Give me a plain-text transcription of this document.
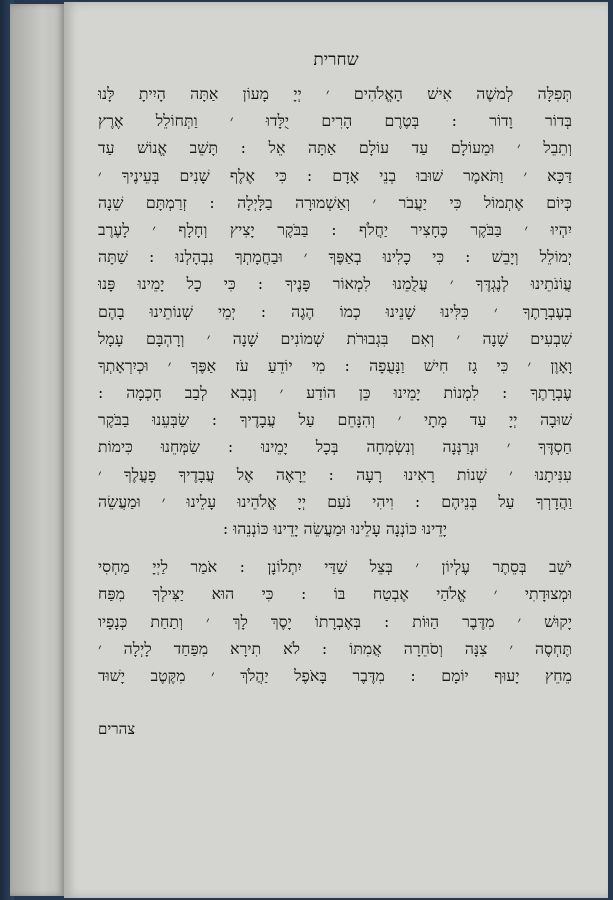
שחרית
תְּפִלָּה לְמשֶׁה אִישׁ הָאֱלֹהִים ׳ יְיָ מָעוֹן אַתָּה הָיִיתָ לָּנוּ
בְּדוֹר וָדוֹר : בְּטֶרֶם הָרִים יֻלָּדוּ ׳ וַתְּחוֹלֵל אֶרֶץ
וְתֵבֵל ׳ וּמֵעוֹלָם עַד עוֹלָם אַתָּה אֵל : תָּשֵׁב אֱנוֹשׁ עַד
דַּכָּא ׳ וַתֹּאמֶר שׁוּבוּ בְנֵי אָדָם : כִּי אֶלֶף שָׁנִים בְּעֵינֶיךָ ׳
כְּיוֹם אֶתְמוֹל כִּי יַעֲבֹר ׳ וְאַשְׁמוּרָה בַלָּיְלָה : זְרַמְתָּם שֵׁנָה
יִהְיוּ ׳ בַּבֹּקֶר כֶּחָצִיר יַחֲלֹף : בַּבֹּקֶר יָצִיץ וְחָלָף ׳ לָעֶרֶב
יְמוֹלֵל וְיָבֵשׁ : כִּי כָלִינוּ בְאַפֶּךָ ׳ וּבַחֲמָתְךָ נִבְהָלְנוּ : שַׁתָּה
עֲוֹנֹתֵינוּ לְנֶגְדֶּךָ ׳ עֲלֻמֵנוּ לִמְאוֹר פָּנֶיךָ : כִּי כָל יָמֵינוּ פָּנוּ
בְעֶבְרָתֶךָ ׳ כִּלִּינוּ שָׁנֵינוּ כְמוֹ הֶגֶה : יְמֵי שְׁנוֹתֵינוּ בָהֶם
שִׁבְעִים שָׁנָה ׳ וְאִם בִּגְבוּרֹת שְׁמוֹנִים שָׁנָה ׳ וְרָהְבָּם עָמָל
וָאָוֶן ׳ כִּי גָז חִישׁ וַנָּעֻפָה : מִי יוֹדֵעַ עֹז אַפֶּךָ ׳ וּכְיִרְאָתְךָ
עֶבְרָתֶךָ : לִמְנוֹת יָמֵינוּ כֵּן הוֹדַע ׳ וְנָבִא לְבַב חָכְמָה :
שׁוּבָה יְיָ עַד מָתָי ׳ וְהִנָּחֵם עַל עֲבָדֶיךָ : שַׂבְּעֵנוּ בַבֹּקֶר
חַסְדֶּךָ ׳ וּנְרַנְּנָה וְנִשְׂמְחָה בְּכָל יָמֵינוּ : שַׂמְּחֵנוּ כִּימוֹת
עִנִּיתָנוּ ׳ שְׁנוֹת רָאִינוּ רָעָה : יֵרָאֶה אֶל עֲבָדֶיךָ פָעֳלֶךָ ׳
וַהֲדָרְךָ עַל בְּנֵיהֶם : וִיהִי נֹעַם יְיָ אֱלֹהֵינוּ עָלֵינוּ ׳ וּמַעֲשֵׂה
יָדֵינוּ כּוֹנְנָה עָלֵינוּ וּמַעֲשֵׂה יָדֵינוּ כּוֹנְנֵהוּ :
יֹשֵׁב בְּסֵתֶר עֶלְיוֹן ׳ בְּצֵל שַׁדַּי יִתְלוֹנָן : אֹמַר לַיְיָ מַחְסִי
וּמְצוּדָתִי ׳ אֱלֹהַי אֶבְטַח בּוֹ : כִּי הוּא יַצִּילְךָ מִפַּח
יָקוּשׁ ׳ מִדֶּבֶר הַוּוֹת : בְּאֶבְרָתוֹ יָסֶךְ לָךְ ׳ וְתַחַת כְּנָפָיו
תֶּחְסֶה ׳ צִנָּה וְסֹחֵרָה אֲמִתּוֹ : לֹא תִירָא מִפַּחַד לָיְלָה ׳
מֵחֵץ יָעוּף יוֹמָם : מִדֶּבֶר בָּאֹפֶל יַהֲלֹךְ ׳ מִקֶּטֶב יָשׁוּד
צהרים
